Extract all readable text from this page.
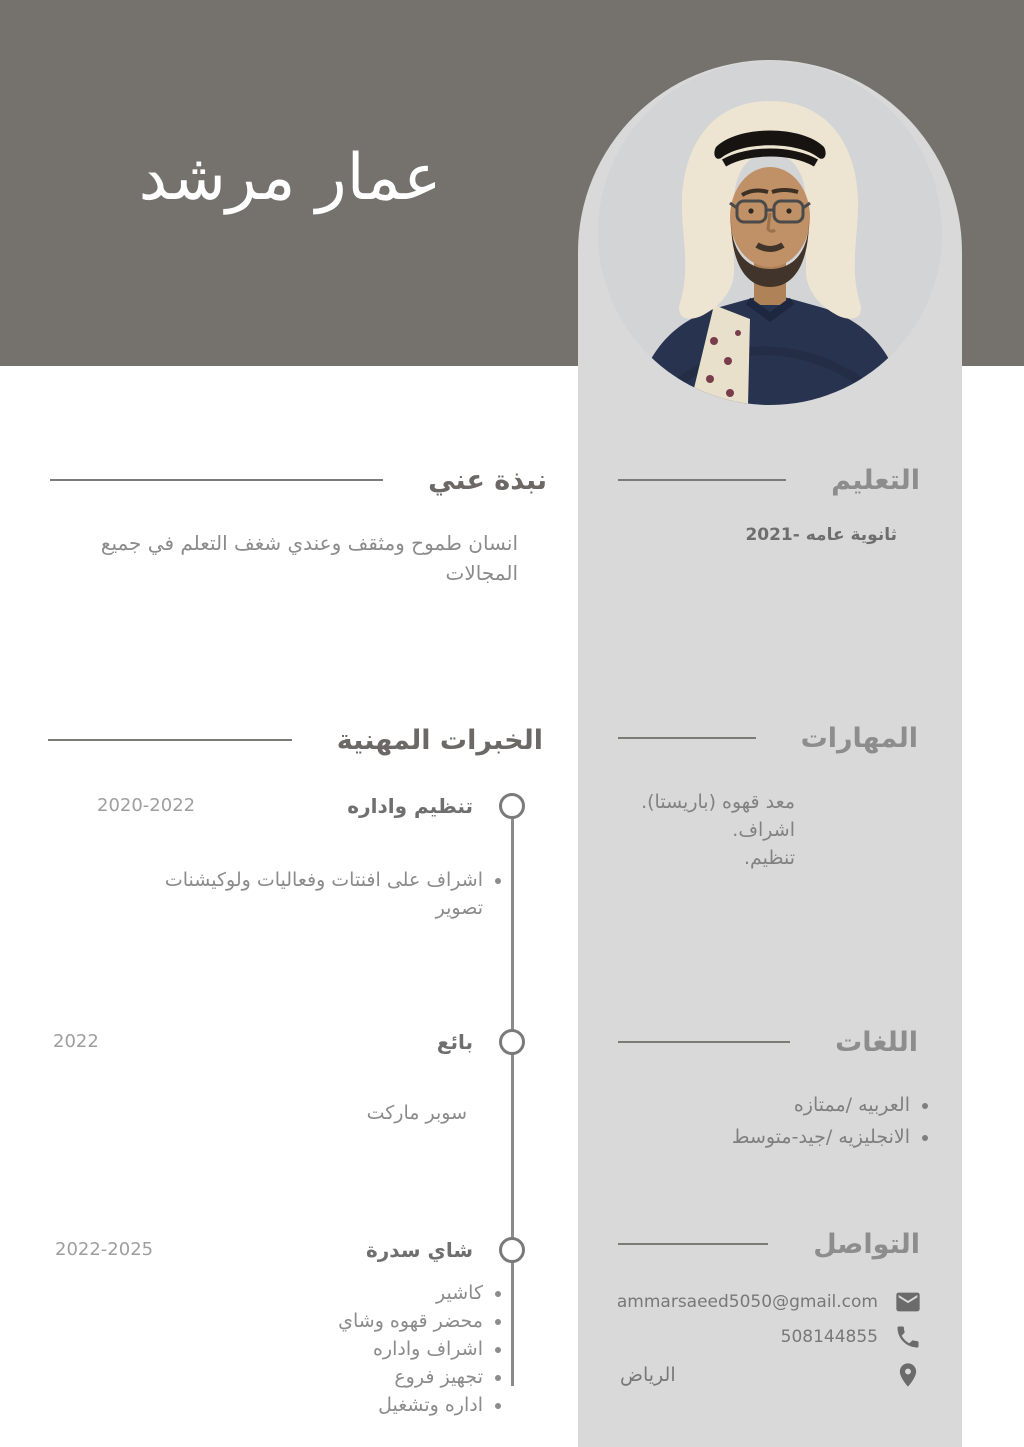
عمار مرشد
نبذة عني
انسان طموح ومثقف وعندي شغف التعلم في جميع المجالات
الخبرات المهنية
تنظيم واداره
2020-2022
• اشراف على افنتات وفعاليات ولوكيشنات تصوير
بائع
2022
سوبر ماركت
شاي سدرة
2022-2025
• كاشير
• محضر قهوه وشاي
• اشراف واداره
• تجهيز فروع
• اداره وتشغيل
التعليم
ثانوية عامه -2021
المهارات
معد قهوه (باريستا).
اشراف.
تنظيم.
اللغات
• العربيه /ممتازه
• الانجليزيه /جيد-متوسط
التواصل
ammarsaeed5050@gmail.com
508144855
الرياض
